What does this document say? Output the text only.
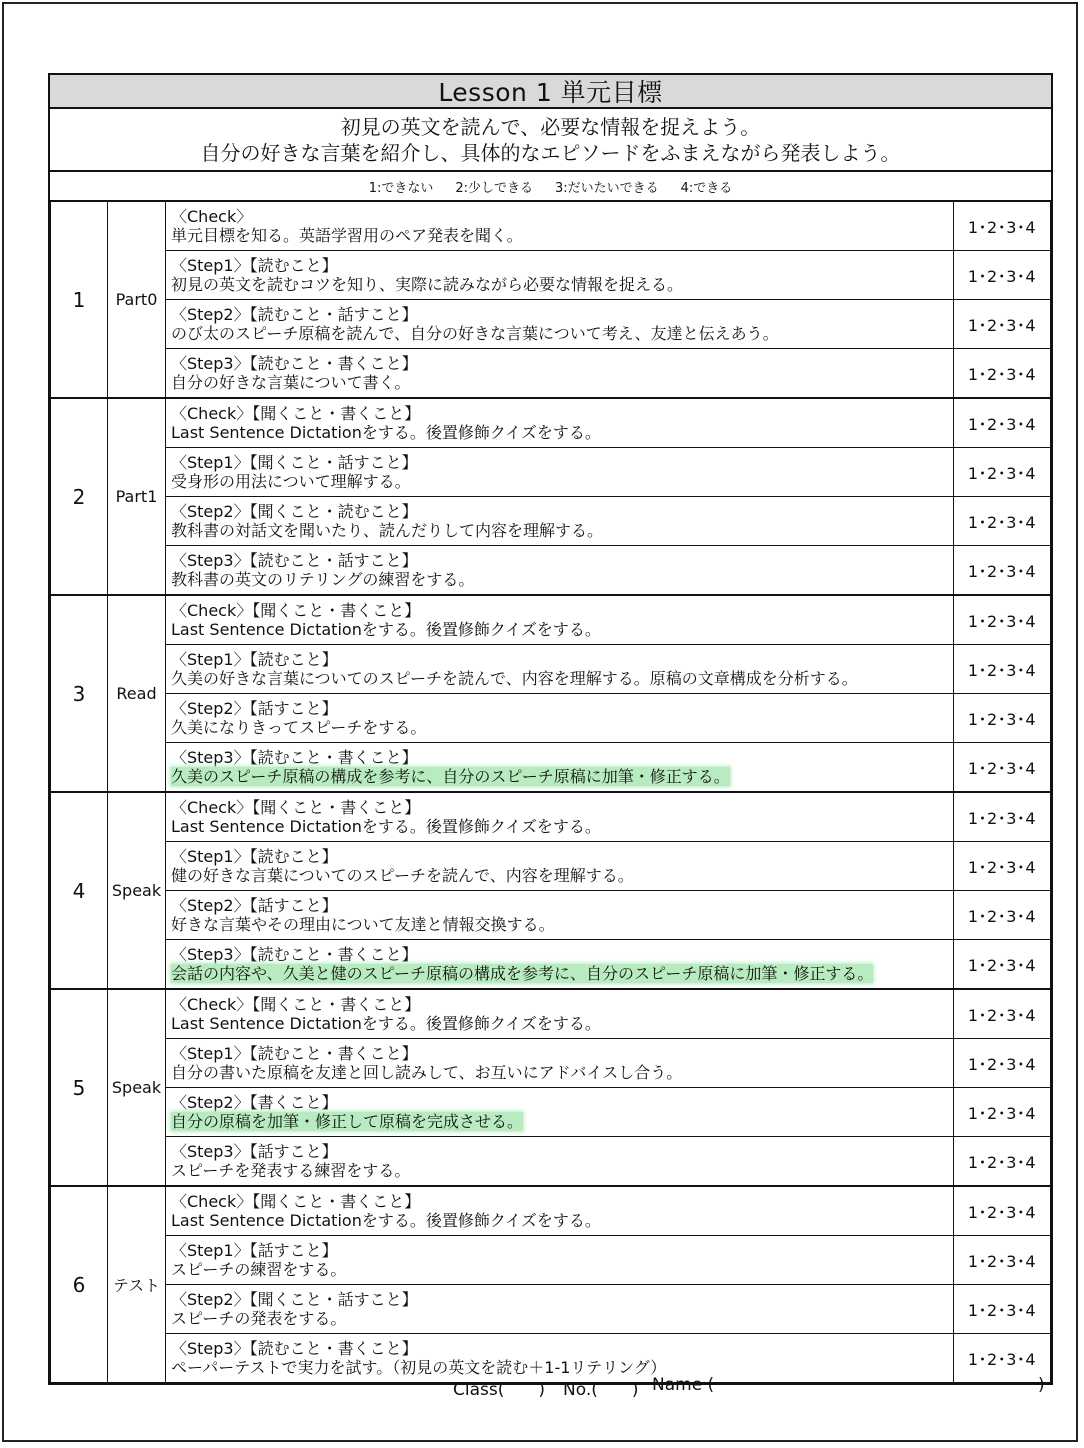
Lesson 1 単元目標
初見の英文を読んで、必要な情報を捉えよう。
自分の好きな言葉を紹介し、具体的なエピソードをふまえながら発表しよう。
1:できない 2:少しできる 3:だいたいできる 4:できる
1	Part0	〈Check〉
単元目標を知る。英語学習用のペア発表を聞く。	1･2･3･4

		〈Step1〉【読むこと】
初見の英文を読むコツを知り、実際に読みながら必要な情報を捉える。	1･2･3･4

		〈Step2〉【読むこと・話すこと】
のび太のスピーチ原稿を読んで、自分の好きな言葉について考え、友達と伝えあう。	1･2･3･4

		〈Step3〉【読むこと・書くこと】
自分の好きな言葉について書く。	1･2･3･4
2	Part1	〈Check〉【聞くこと・書くこと】
Last Sentence Dictationをする。後置修飾クイズをする。	1･2･3･4

		〈Step1〉【聞くこと・話すこと】
受身形の用法について理解する。	1･2･3･4

		〈Step2〉【聞くこと・読むこと】
教科書の対話文を聞いたり、読んだりして内容を理解する。	1･2･3･4

		〈Step3〉【読むこと・話すこと】
教科書の英文のリテリングの練習をする。	1･2･3･4
3	Read	〈Check〉【聞くこと・書くこと】
Last Sentence Dictationをする。後置修飾クイズをする。	1･2･3･4

		〈Step1〉【読むこと】
久美の好きな言葉についてのスピーチを読んで、内容を理解する。原稿の文章構成を分析する。	1･2･3･4

		〈Step2〉【話すこと】
久美になりきってスピーチをする。	1･2･3･4

		〈Step3〉【読むこと・書くこと】
久美のスピーチ原稿の構成を参考に、自分のスピーチ原稿に加筆・修正する。	1･2･3･4
4	Speak	〈Check〉【聞くこと・書くこと】
Last Sentence Dictationをする。後置修飾クイズをする。	1･2･3･4

		〈Step1〉【読むこと】
健の好きな言葉についてのスピーチを読んで、内容を理解する。	1･2･3･4

		〈Step2〉【話すこと】
好きな言葉やその理由について友達と情報交換する。	1･2･3･4

		〈Step3〉【読むこと・書くこと】
会話の内容や、久美と健のスピーチ原稿の構成を参考に、自分のスピーチ原稿に加筆・修正する。	1･2･3･4
5	Speak	〈Check〉【聞くこと・書くこと】
Last Sentence Dictationをする。後置修飾クイズをする。	1･2･3･4

		〈Step1〉【読むこと・書くこと】
自分の書いた原稿を友達と回し読みして、お互いにアドバイスし合う。	1･2･3･4

		〈Step2〉【書くこと】
自分の原稿を加筆・修正して原稿を完成させる。	1･2･3･4

		〈Step3〉【話すこと】
スピーチを発表する練習をする。	1･2･3･4
6	テスト	〈Check〉【聞くこと・書くこと】
Last Sentence Dictationをする。後置修飾クイズをする。	1･2･3･4

		〈Step1〉【話すこと】
スピーチの練習をする。	1･2･3･4

		〈Step2〉【聞くこと・話すこと】
スピーチの発表をする。	1･2･3･4

		〈Step3〉【読むこと・書くこと】
ペーパーテストで実力を試す。（初見の英文を読む＋1-1リテリング）	1･2･3･4
Class(　　) No.(　　) Name (	)
